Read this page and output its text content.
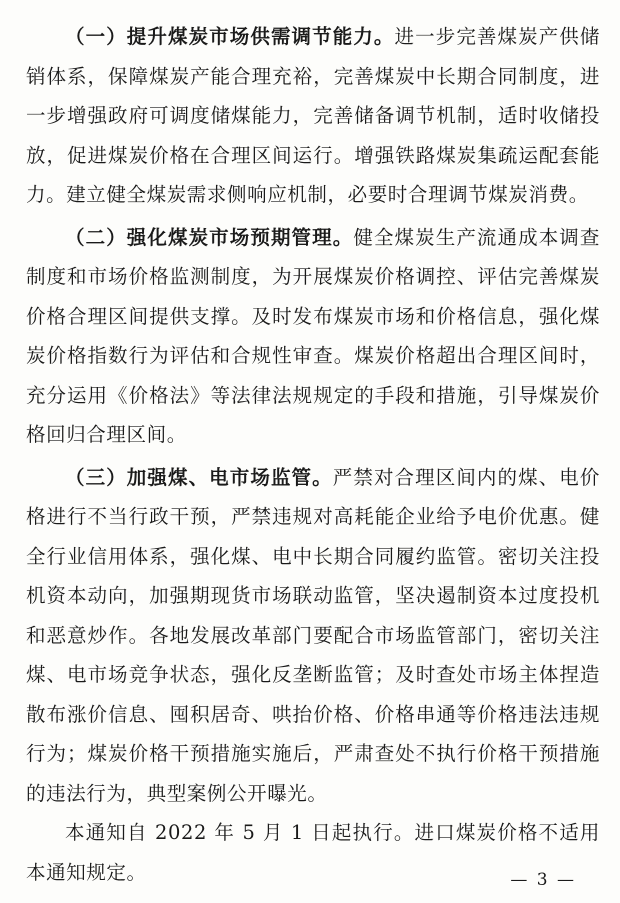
（一）提升煤炭市场供需调节能力。进一步完善煤炭产供储销体系，保障煤炭产能合理充裕，完善煤炭中长期合同制度，进一步增强政府可调度储煤能力，完善储备调节机制，适时收储投放，促进煤炭价格在合理区间运行。增强铁路煤炭集疏运配套能力。建立健全煤炭需求侧响应机制，必要时合理调节煤炭消费。

（二）强化煤炭市场预期管理。健全煤炭生产流通成本调查制度和市场价格监测制度，为开展煤炭价格调控、评估完善煤炭价格合理区间提供支撑。及时发布煤炭市场和价格信息，强化煤炭价格指数行为评估和合规性审查。煤炭价格超出合理区间时，充分运用《价格法》等法律法规规定的手段和措施，引导煤炭价格回归合理区间。

（三）加强煤、电市场监管。严禁对合理区间内的煤、电价格进行不当行政干预，严禁违规对高耗能企业给予电价优惠。健全行业信用体系，强化煤、电中长期合同履约监管。密切关注投机资本动向，加强期现货市场联动监管，坚决遏制资本过度投机和恶意炒作。各地发展改革部门要配合市场监管部门，密切关注煤、电市场竞争状态，强化反垄断监管；及时查处市场主体捏造散布涨价信息、囤积居奇、哄抬价格、价格串通等价格违法违规行为；煤炭价格干预措施实施后，严肃查处不执行价格干预措施的违法行为，典型案例公开曝光。

本通知自 2022 年 5 月 1 日起执行。进口煤炭价格不适用本通知规定。	— 3 —
